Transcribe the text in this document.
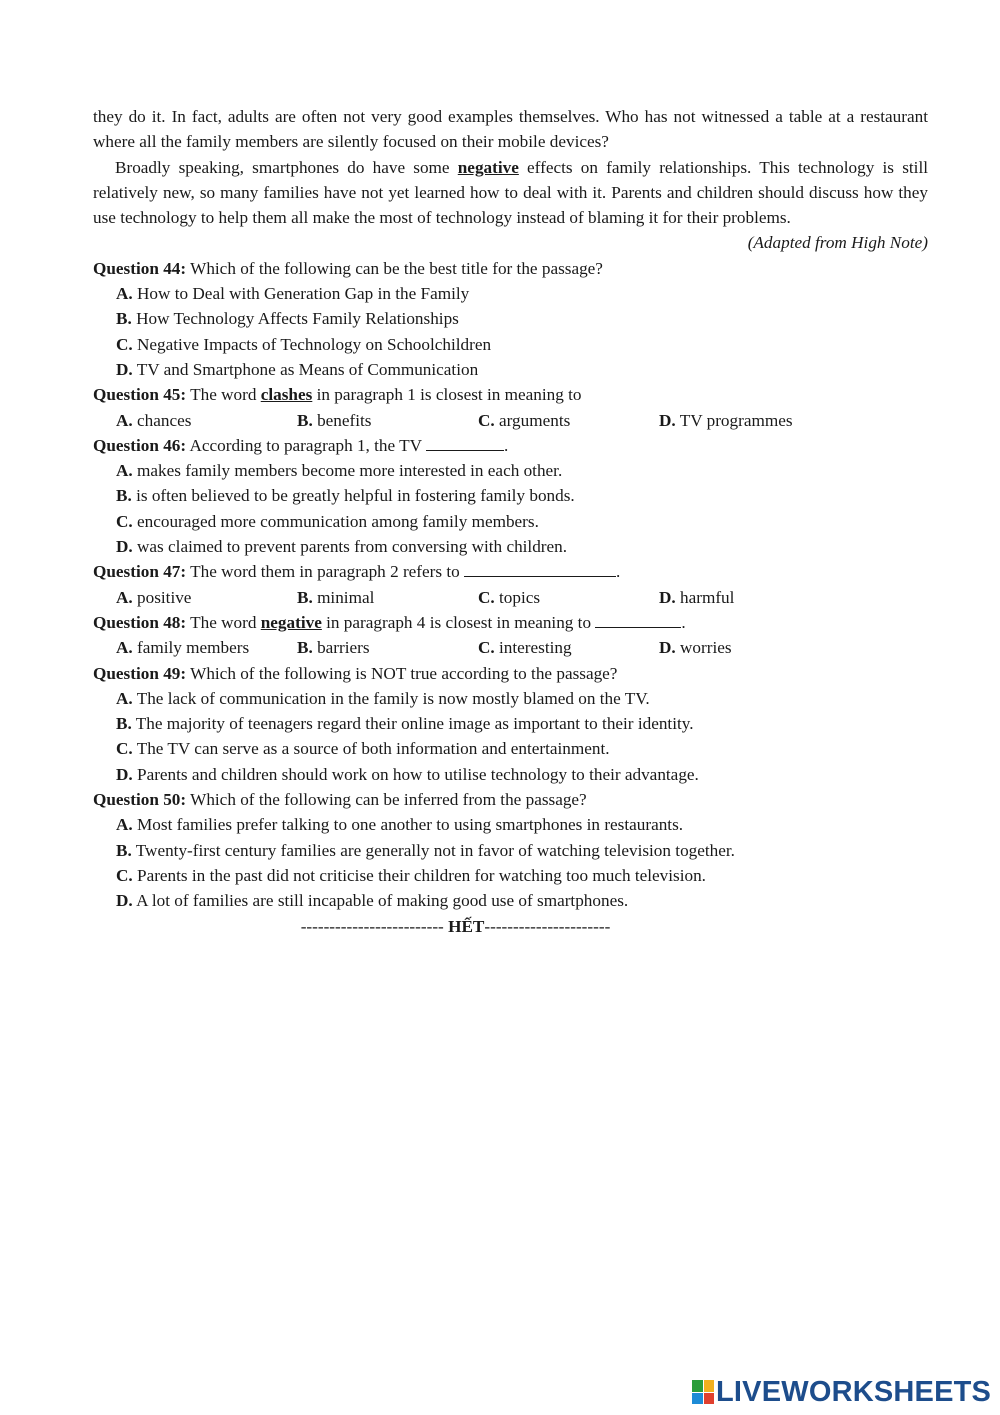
they do it. In fact, adults are often not very good examples themselves. Who has not witnessed a table at a restaurant where all the family members are silently focused on their mobile devices?

Broadly speaking, smartphones do have some negative effects on family relationships. This technology is still relatively new, so many families have not yet learned how to deal with it. Parents and children should discuss how they use technology to help them all make the most of technology instead of blaming it for their problems.

(Adapted from High Note)
Question 44: Which of the following can be the best title for the passage?
A. How to Deal with Generation Gap in the Family
B. How Technology Affects Family Relationships
C. Negative Impacts of Technology on Schoolchildren
D. TV and Smartphone as Means of Communication
Question 45: The word clashes in paragraph 1 is closest in meaning to
A. chances	B. benefits	C. arguments	D. TV programmes
Question 46: According to paragraph 1, the TV	.
A. makes family members become more interested in each other.
B. is often believed to be greatly helpful in fostering family bonds.
C. encouraged more communication among family members.
D. was claimed to prevent parents from conversing with children.
Question 47: The word them in paragraph 2 refers to	.
A. positive	B. minimal	C. topics	D. harmful
Question 48: The word negative in paragraph 4 is closest in meaning to	.
A. family members	B. barriers	C. interesting	D. worries
Question 49: Which of the following is NOT true according to the passage?
A. The lack of communication in the family is now mostly blamed on the TV.
B. The majority of teenagers regard their online image as important to their identity.
C. The TV can serve as a source of both information and entertainment.
D. Parents and children should work on how to utilise technology to their advantage.
Question 50: Which of the following can be inferred from the passage?
A. Most families prefer talking to one another to using smartphones in restaurants.
B. Twenty-first century families are generally not in favor of watching television together.
C. Parents in the past did not criticise their children for watching too much television.
D. A lot of families are still incapable of making good use of smartphones.
------------------------- HẾT----------------------
LIVEWORKSHEETS
